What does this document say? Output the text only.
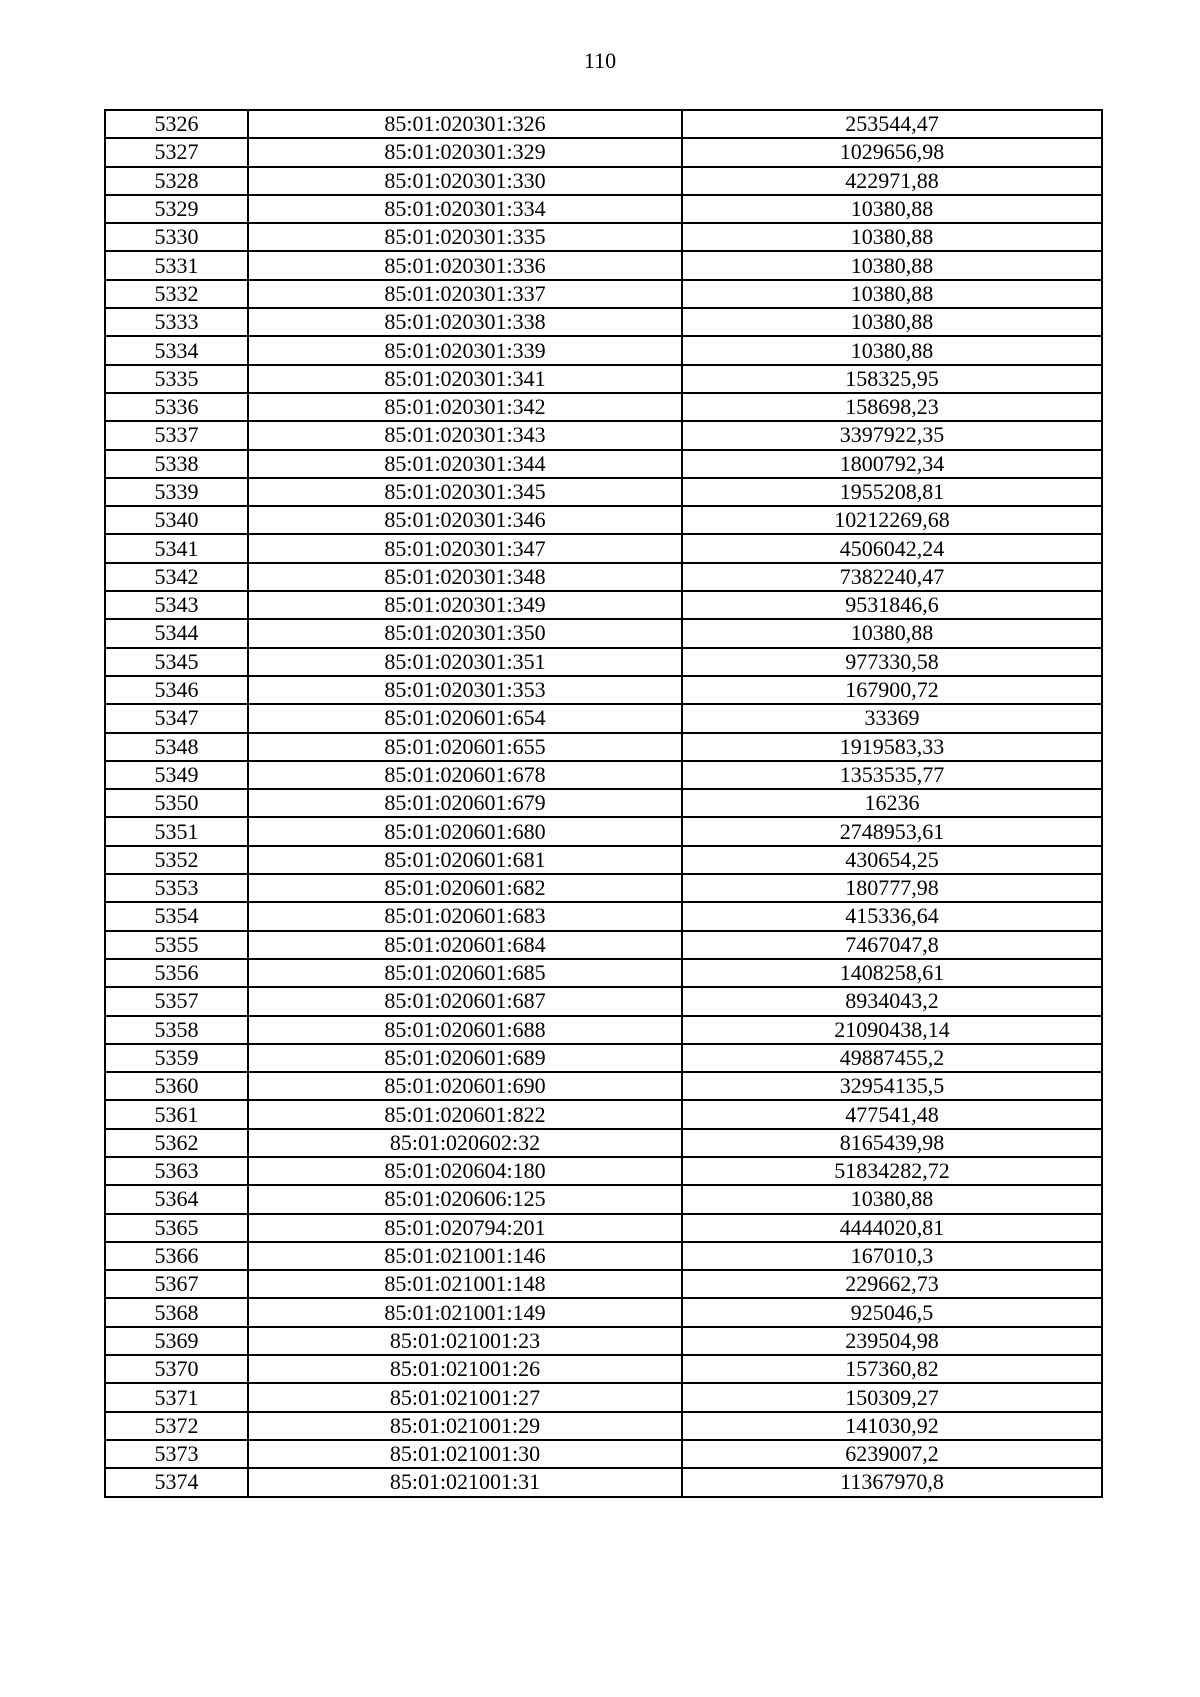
110
5326	85:01:020301:326	253544,47
5327	85:01:020301:329	1029656,98
5328	85:01:020301:330	422971,88
5329	85:01:020301:334	10380,88
5330	85:01:020301:335	10380,88
5331	85:01:020301:336	10380,88
5332	85:01:020301:337	10380,88
5333	85:01:020301:338	10380,88
5334	85:01:020301:339	10380,88
5335	85:01:020301:341	158325,95
5336	85:01:020301:342	158698,23
5337	85:01:020301:343	3397922,35
5338	85:01:020301:344	1800792,34
5339	85:01:020301:345	1955208,81
5340	85:01:020301:346	10212269,68
5341	85:01:020301:347	4506042,24
5342	85:01:020301:348	7382240,47
5343	85:01:020301:349	9531846,6
5344	85:01:020301:350	10380,88
5345	85:01:020301:351	977330,58
5346	85:01:020301:353	167900,72
5347	85:01:020601:654	33369
5348	85:01:020601:655	1919583,33
5349	85:01:020601:678	1353535,77
5350	85:01:020601:679	16236
5351	85:01:020601:680	2748953,61
5352	85:01:020601:681	430654,25
5353	85:01:020601:682	180777,98
5354	85:01:020601:683	415336,64
5355	85:01:020601:684	7467047,8
5356	85:01:020601:685	1408258,61
5357	85:01:020601:687	8934043,2
5358	85:01:020601:688	21090438,14
5359	85:01:020601:689	49887455,2
5360	85:01:020601:690	32954135,5
5361	85:01:020601:822	477541,48
5362	85:01:020602:32	8165439,98
5363	85:01:020604:180	51834282,72
5364	85:01:020606:125	10380,88
5365	85:01:020794:201	4444020,81
5366	85:01:021001:146	167010,3
5367	85:01:021001:148	229662,73
5368	85:01:021001:149	925046,5
5369	85:01:021001:23	239504,98
5370	85:01:021001:26	157360,82
5371	85:01:021001:27	150309,27
5372	85:01:021001:29	141030,92
5373	85:01:021001:30	6239007,2
5374	85:01:021001:31	11367970,8
